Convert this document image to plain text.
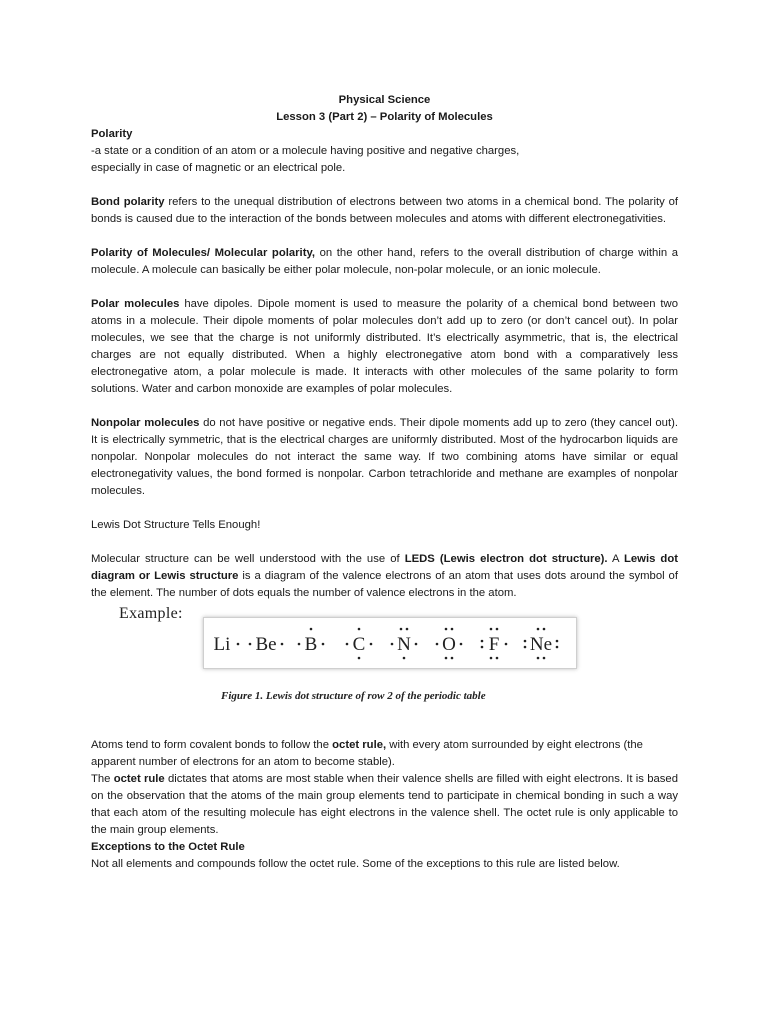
Physical Science

Lesson 3 (Part 2) – Polarity of Molecules

Polarity

-a state or a condition of an atom or a molecule having positive and negative charges,

especially in case of magnetic or an electrical pole.

Bond polarity refers to the unequal distribution of electrons between two atoms in a chemical bond. The polarity of bonds is caused due to the interaction of the bonds between molecules and atoms with different electronegativities.

Polarity of Molecules/ Molecular polarity, on the other hand, refers to the overall distribution of charge within a molecule. A molecule can basically be either polar molecule, non-polar molecule, or an ionic molecule.

Polar molecules have dipoles. Dipole moment is used to measure the polarity of a chemical bond between two atoms in a molecule. Their dipole moments of polar molecules don’t add up to zero (or don’t cancel out). In polar molecules, we see that the charge is not uniformly distributed. It’s electrically asymmetric, that is, the electrical charges are not equally distributed. When a highly electronegative atom bond with a comparatively less electronegative atom, a polar molecule is made. It interacts with other molecules of the same polarity to form solutions. Water and carbon monoxide are examples of polar molecules.

Nonpolar molecules do not have positive or negative ends. Their dipole moments add up to zero (they cancel out). It is electrically symmetric, that is the electrical charges are uniformly distributed. Most of the hydrocarbon liquids are nonpolar. Nonpolar molecules do not interact the same way. If two combining atoms have similar or equal electronegativity values, the bond formed is nonpolar. Carbon tetrachloride and methane are examples of nonpolar molecules.

Lewis Dot Structure Tells Enough!

Molecular structure can be well understood with the use of LEDS (Lewis electron dot structure). A Lewis dot diagram or Lewis structure is a diagram of the valence electrons of an atom that uses dots around the symbol of the element. The number of dots equals the number of valence electrons in the atom.

Example:
Li Be B C N O F Ne
Figure 1. Lewis dot structure of row 2 of the periodic table

Atoms tend to form covalent bonds to follow the octet rule, with every atom surrounded by eight electrons (the apparent number of electrons for an atom to become stable).

The octet rule dictates that atoms are most stable when their valence shells are filled with eight electrons. It is based on the observation that the atoms of the main group elements tend to participate in chemical bonding in such a way that each atom of the resulting molecule has eight electrons in the valence shell. The octet rule is only applicable to the main group elements.

Exceptions to the Octet Rule

Not all elements and compounds follow the octet rule. Some of the exceptions to this rule are listed below.
